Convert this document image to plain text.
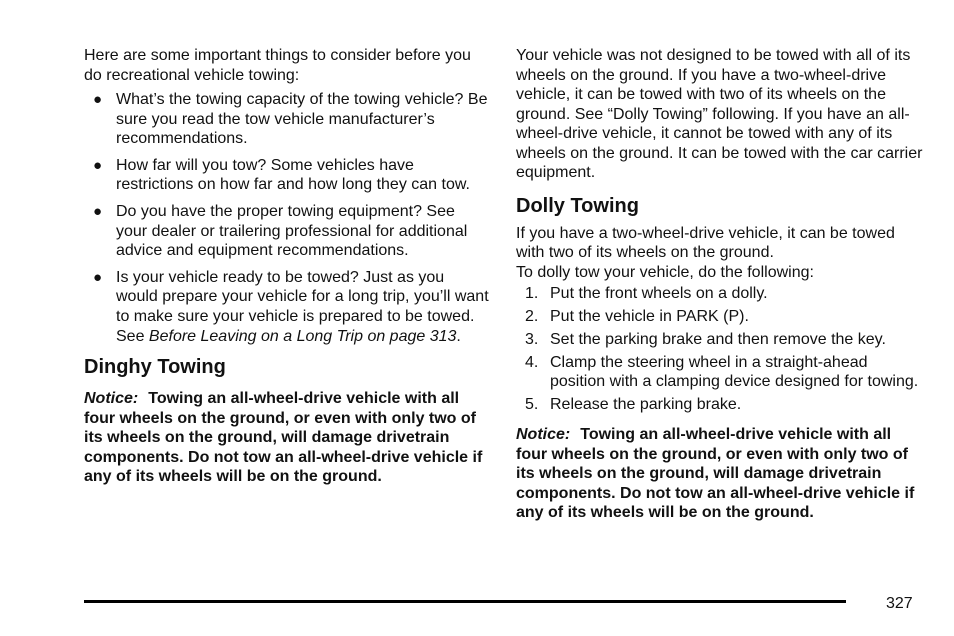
Here are some important things to consider before you do recreational vehicle towing:

● What’s the towing capacity of the towing vehicle? Be sure you read the tow vehicle manufacturer’s recommendations.
● How far will you tow? Some vehicles have restrictions on how far and how long they can tow.
● Do you have the proper towing equipment? See your dealer or trailering professional for additional advice and equipment recommendations.
● Is your vehicle ready to be towed? Just as you would prepare your vehicle for a long trip, you’ll want to make sure your vehicle is prepared to be towed. See Before Leaving on a Long Trip on page 313.
Dinghy Towing

Notice: Towing an all-wheel-drive vehicle with all four wheels on the ground, or even with only two of its wheels on the ground, will damage drivetrain components. Do not tow an all-wheel-drive vehicle if any of its wheels will be on the ground.

Your vehicle was not designed to be towed with all of its wheels on the ground. If you have a two-wheel-drive vehicle, it can be towed with two of its wheels on the ground. See “Dolly Towing” following. If you have an all-wheel-drive vehicle, it cannot be towed with any of its wheels on the ground. It can be towed with the car carrier equipment.

Dolly Towing

If you have a two-wheel-drive vehicle, it can be towed with two of its wheels on the ground.

To dolly tow your vehicle, do the following:

1. Put the front wheels on a dolly.
2. Put the vehicle in PARK (P).
3. Set the parking brake and then remove the key.
4. Clamp the steering wheel in a straight-ahead position with a clamping device designed for towing.
5. Release the parking brake.

Notice: Towing an all-wheel-drive vehicle with all four wheels on the ground, or even with only two of its wheels on the ground, will damage drivetrain components. Do not tow an all-wheel-drive vehicle if any of its wheels will be on the ground.

327
